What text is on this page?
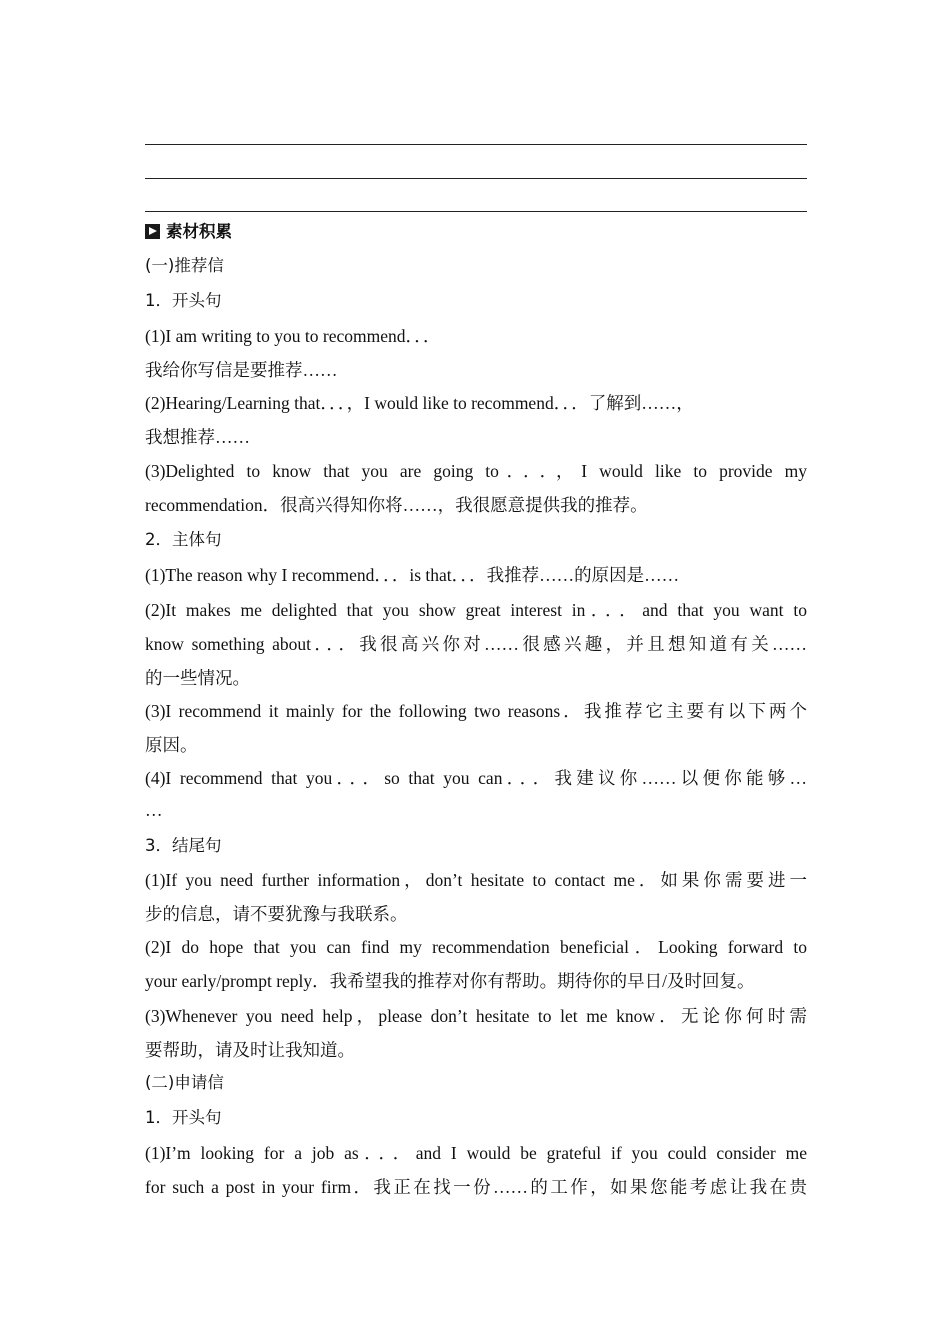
素材积累
(一)推荐信
1．开头句
(1)I am writing to you to recommend．．．
我给你写信是要推荐……
(2)Hearing/Learning that．．．，I would like to recommend．．．了解到……，
我想推荐……
(3)Delighted to know that you are going to．．．，I would like to provide my
recommendation．很高兴得知你将……，我很愿意提供我的推荐。
2．主体句
(1)The reason why I recommend．．．is that．．．我推荐……的原因是……
(2)It makes me delighted that you show great interest in．．．and that you want to
know something about．．．我很高兴你对……很感兴趣，并且想知道有关……
的一些情况。
(3)I recommend it mainly for the following two reasons．我推荐它主要有以下两个
原因。
(4)I recommend that you．．．so that you can．．．我建议你……以便你能够…
…
3．结尾句
(1)If you need further information，don’t hesitate to contact me．如果你需要进一
步的信息，请不要犹豫与我联系。
(2)I do hope that you can find my recommendation beneficial．Looking forward to
your early/prompt reply．我希望我的推荐对你有帮助。期待你的早日/及时回复。
(3)Whenever you need help，please don’t hesitate to let me know．无论你何时需
要帮助，请及时让我知道。
(二)申请信
1．开头句
(1)I’m looking for a job as．．．and I would be grateful if you could consider me
for such a post in your firm．我正在找一份……的工作，如果您能考虑让我在贵
